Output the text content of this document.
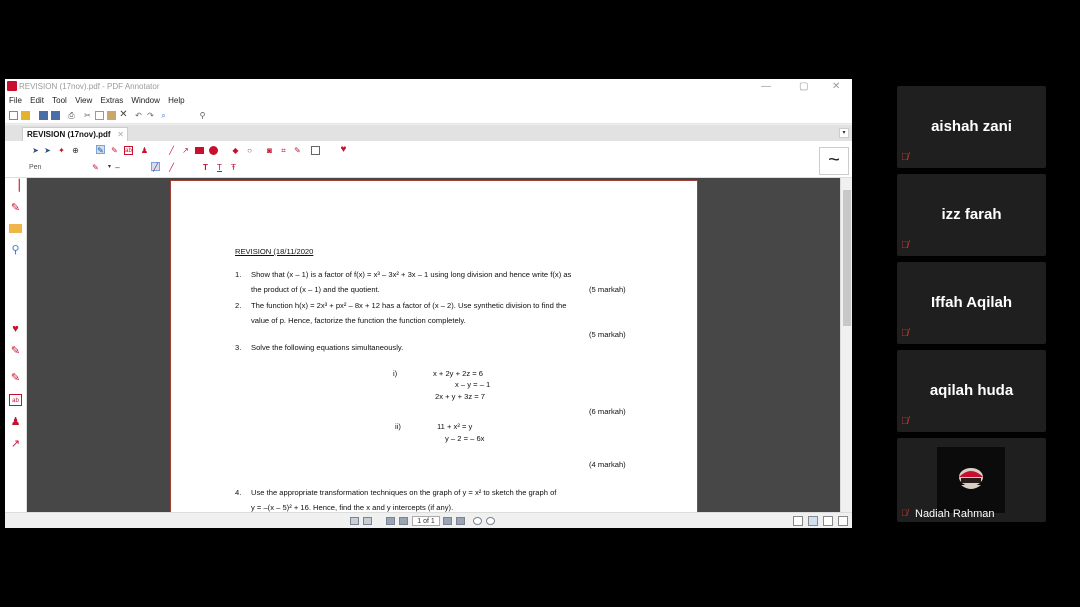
REVISION (17nov).pdf - PDF Annotator	—	▢ ✕
File Edit Tool View Extras Window Help
⎙ ✂	✕ ↶ ↷ ⌕	⚲
REVISION (17nov).pdf ✕	▾
➤ ➤ ✦ ⊕ ✎ ✎ ab ♟	╱ ↗	◆ ○ ◙ ⌗ ✎	♥
Pen	✎	▾ –	╱ ╱	T T Ŧ	~
▕
✎
⚲
♥
✎
✎
ab
♟
↗
REVISION (18/11/2020
1. Show that (x – 1) is a factor of f(x) = x³ – 3x² + 3x – 1 using long division and hence write f(x) as
the product of (x – 1) and the quotient.	(5 markah)
2. The function h(x) = 2x³ + px² – 8x + 12 has a factor of (x – 2). Use synthetic division to find the
value of p. Hence, factorize the function the function completely.
(5 markah)
3. Solve the following equations simultaneously.
i)	x + 2y + 2z = 6
x – y = – 1
2x + y + 3z = 7
(6 markah)
ii)	11 + x² = y
y – 2 = – 6x
(4 markah)
4. Use the appropriate transformation techniques on the graph of y = x² to sketch the graph of
y = –(x – 5)² + 16. Hence, find the x and y intercepts (if any).
1 of 1
aishah zani
🎙̸
izz farah
🎙̸
Iffah Aqilah
🎙̸
aqilah huda
🎙̸
🎙̸ Nadiah Rahman
